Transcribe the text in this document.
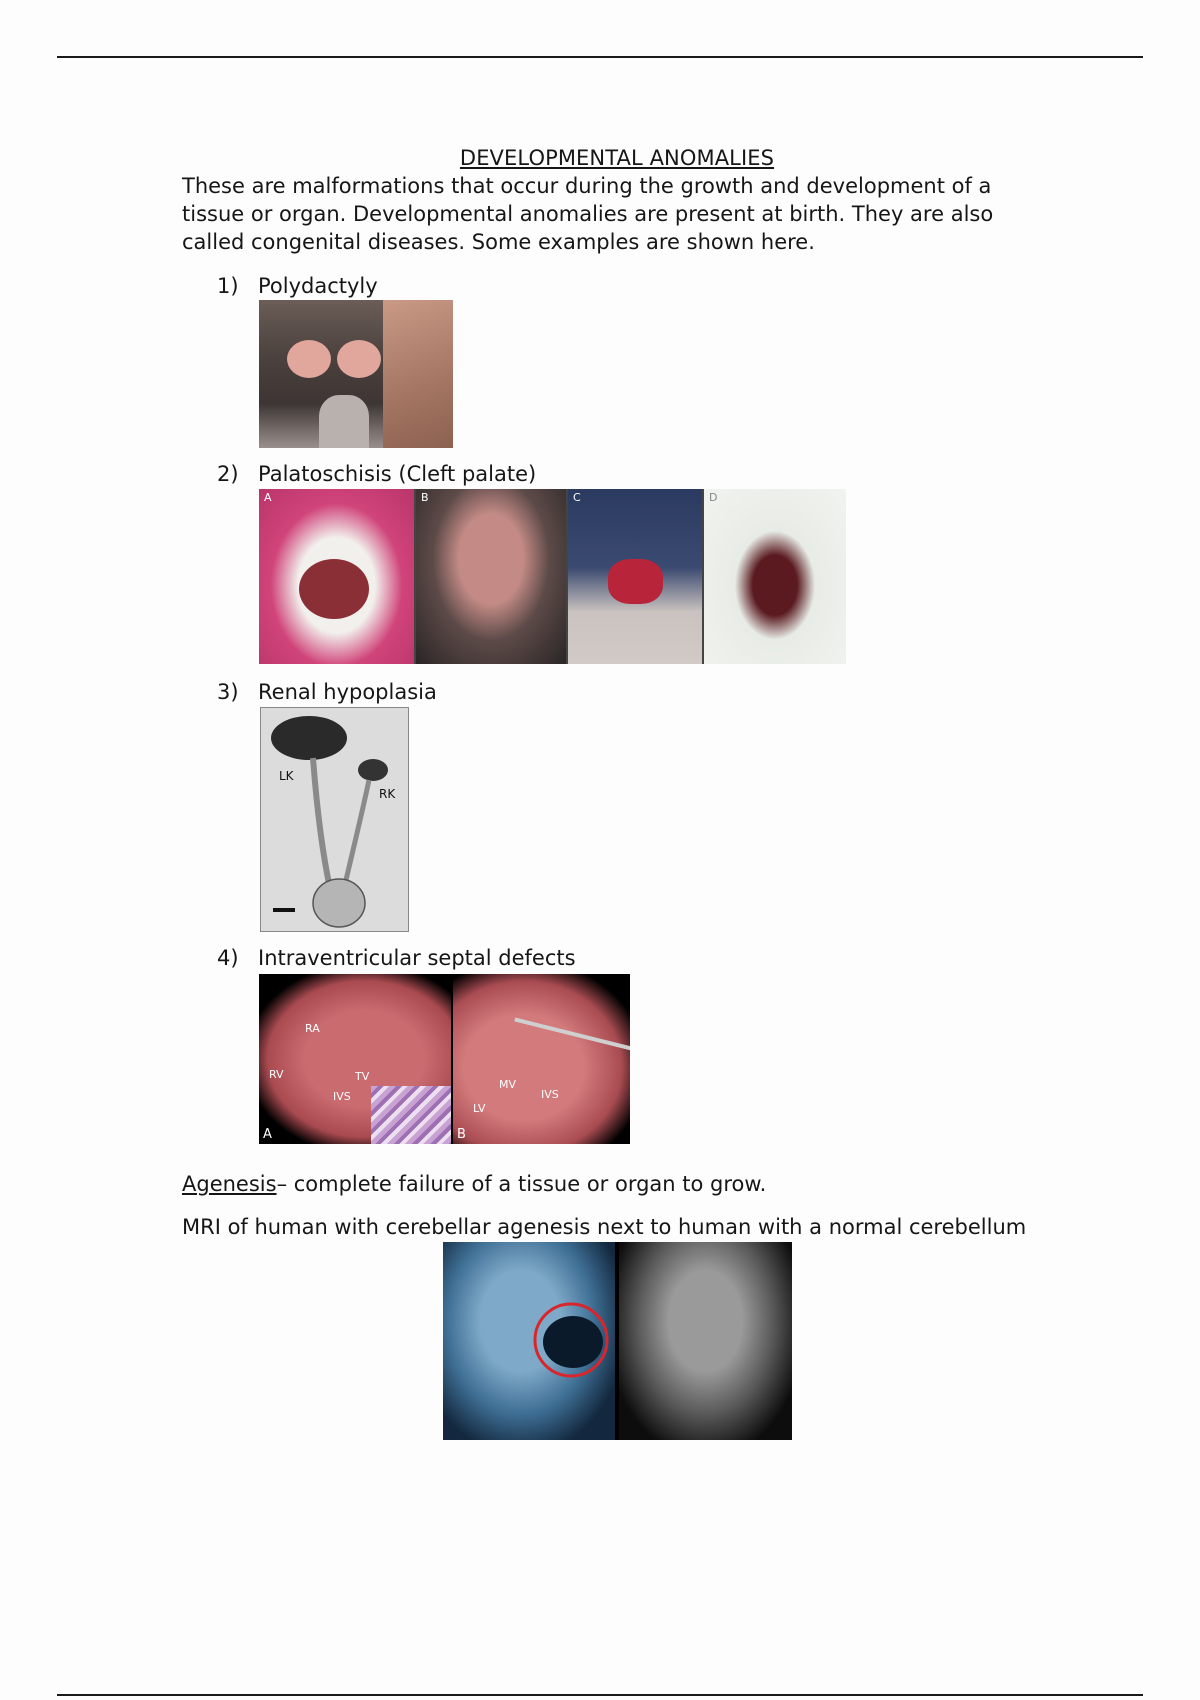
DEVELOPMENTAL ANOMALIES

These are malformations that occur during the growth and development of a tissue or organ. Developmental anomalies are present at birth. They are also called congenital diseases. Some examples are shown here.

1) Polydactyly
2) Palatoschisis (Cleft palate)
A	B	C	D
3) Renal hypoplasia
LK
RK
4) Intraventricular septal defects
RA
TV
RV
IVS
A
MV
LV
IVS
B
Agenesis– complete failure of a tissue or organ to grow.
MRI of human with cerebellar agenesis next to human with a normal cerebellum
